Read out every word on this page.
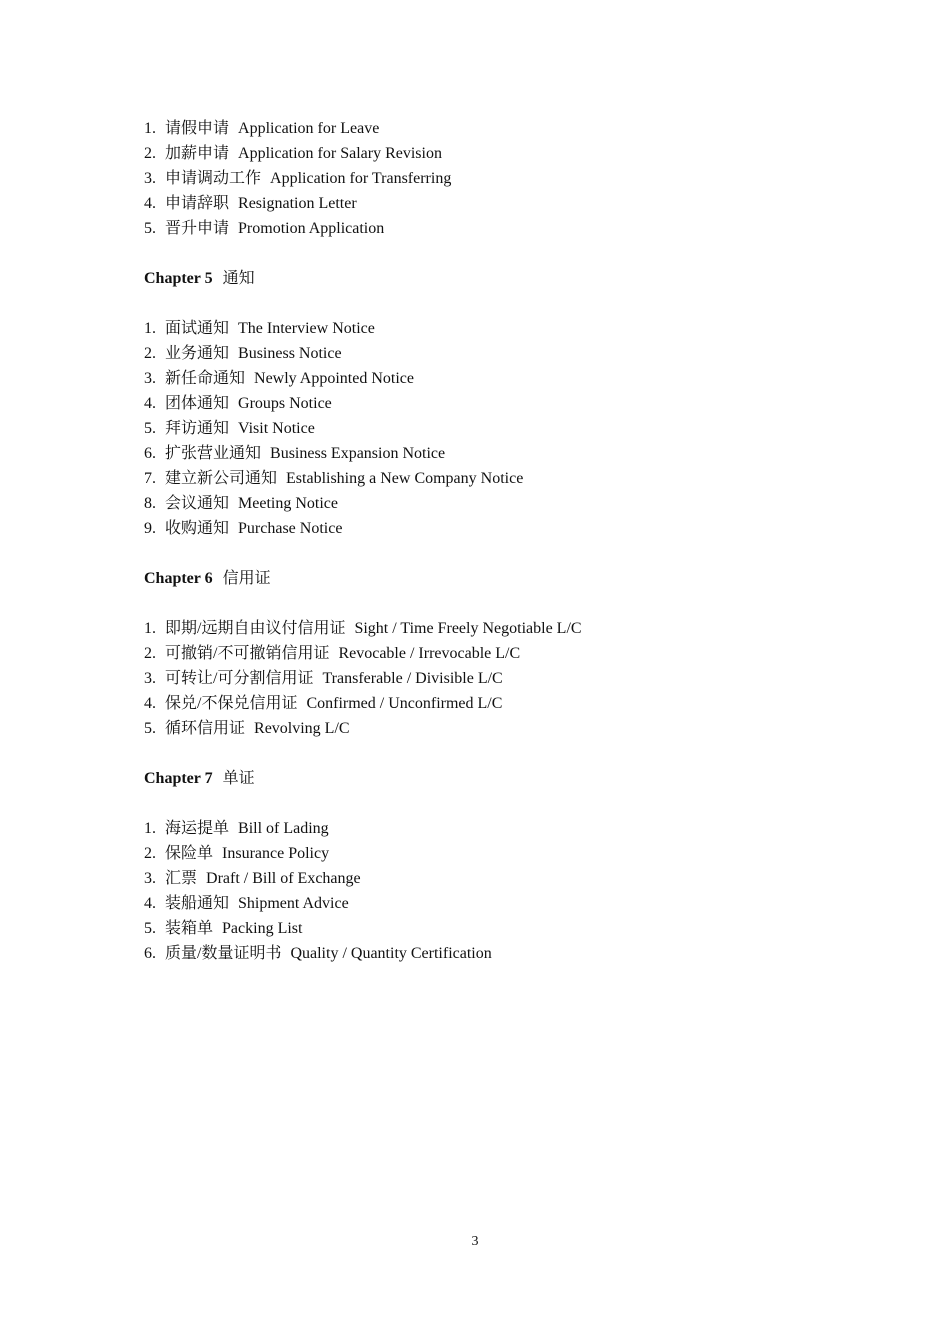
1. 请假申请 Application for Leave
2. 加薪申请 Application for Salary Revision
3. 申请调动工作 Application for Transferring
4. 申请辞职 Resignation Letter
5. 晋升申请 Promotion Application
Chapter 5 通知
1. 面试通知 The Interview Notice
2. 业务通知 Business Notice
3. 新任命通知 Newly Appointed Notice
4. 团体通知 Groups Notice
5. 拜访通知 Visit Notice
6. 扩张营业通知 Business Expansion Notice
7. 建立新公司通知 Establishing a New Company Notice
8. 会议通知 Meeting Notice
9. 收购通知 Purchase Notice
Chapter 6 信用证
1. 即期/远期自由议付信用证 Sight / Time Freely Negotiable L/C
2. 可撤销/不可撤销信用证 Revocable / Irrevocable L/C
3. 可转让/可分割信用证 Transferable / Divisible L/C
4. 保兑/不保兑信用证 Confirmed / Unconfirmed L/C
5. 循环信用证 Revolving L/C
Chapter 7 单证
1. 海运提单 Bill of Lading
2. 保险单 Insurance Policy
3. 汇票 Draft / Bill of Exchange
4. 装船通知 Shipment Advice
5. 装箱单 Packing List
6. 质量/数量证明书 Quality / Quantity Certification
3
